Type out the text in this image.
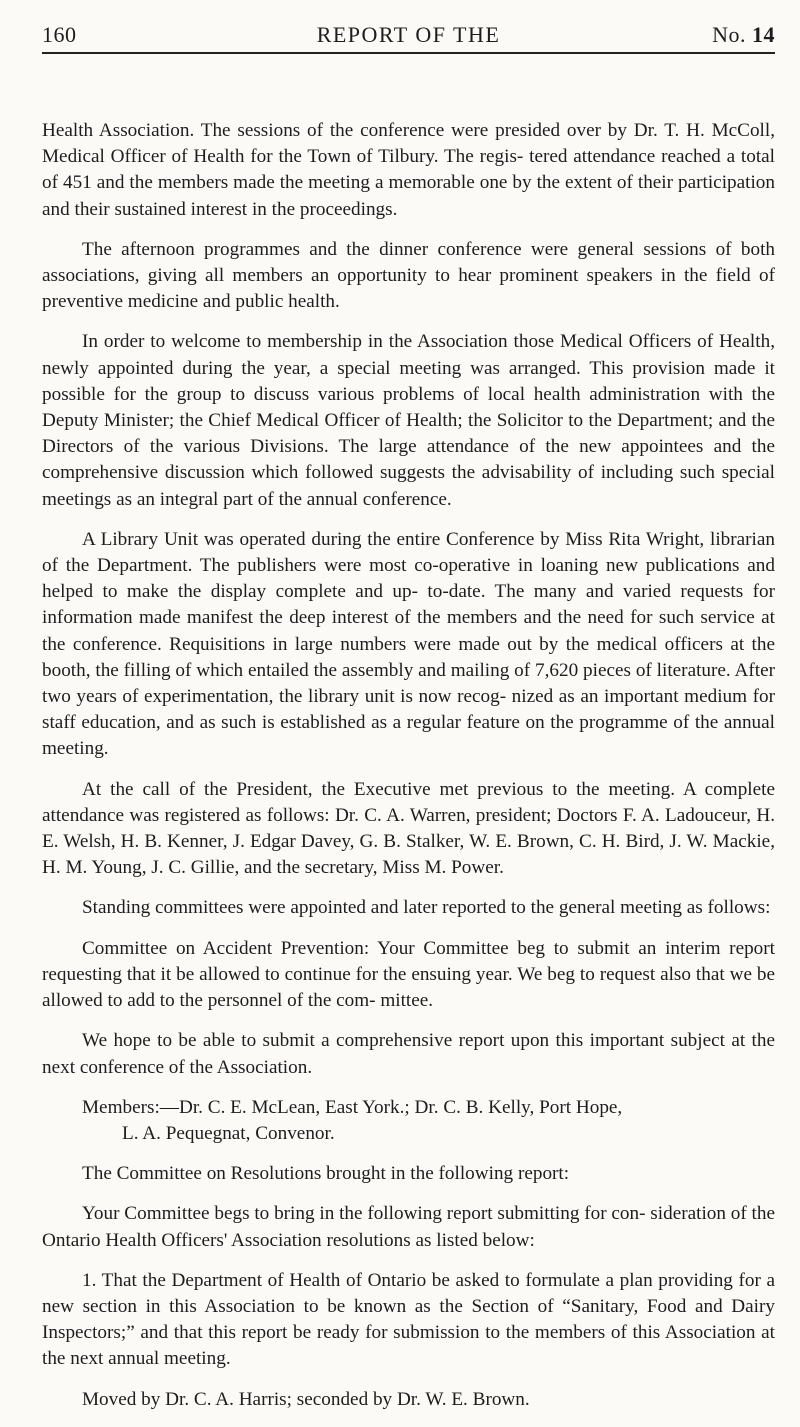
160	REPORT OF THE	No. 14

Health Association. The sessions of the conference were presided over by Dr. T. H. McColl, Medical Officer of Health for the Town of Tilbury. The regis- tered attendance reached a total of 451 and the members made the meeting a memorable one by the extent of their participation and their sustained interest in the proceedings.

The afternoon programmes and the dinner conference were general sessions of both associations, giving all members an opportunity to hear prominent speakers in the field of preventive medicine and public health.

In order to welcome to membership in the Association those Medical Officers of Health, newly appointed during the year, a special meeting was arranged. This provision made it possible for the group to discuss various problems of local health administration with the Deputy Minister; the Chief Medical Officer of Health; the Solicitor to the Department; and the Directors of the various Divisions. The large attendance of the new appointees and the comprehensive discussion which followed suggests the advisability of including such special meetings as an integral part of the annual conference.

A Library Unit was operated during the entire Conference by Miss Rita Wright, librarian of the Department. The publishers were most co-operative in loaning new publications and helped to make the display complete and up- to-date. The many and varied requests for information made manifest the deep interest of the members and the need for such service at the conference. Requisitions in large numbers were made out by the medical officers at the booth, the filling of which entailed the assembly and mailing of 7,620 pieces of literature. After two years of experimentation, the library unit is now recog- nized as an important medium for staff education, and as such is established as a regular feature on the programme of the annual meeting.

At the call of the President, the Executive met previous to the meeting. A complete attendance was registered as follows: Dr. C. A. Warren, president; Doctors F. A. Ladouceur, H. E. Welsh, H. B. Kenner, J. Edgar Davey, G. B. Stalker, W. E. Brown, C. H. Bird, J. W. Mackie, H. M. Young, J. C. Gillie, and the secretary, Miss M. Power.

Standing committees were appointed and later reported to the general meeting as follows:

Committee on Accident Prevention: Your Committee beg to submit an interim report requesting that it be allowed to continue for the ensuing year. We beg to request also that we be allowed to add to the personnel of the com- mittee.

We hope to be able to submit a comprehensive report upon this important subject at the next conference of the Association.

Members:—Dr. C. E. McLean, East York.; Dr. C. B. Kelly, Port Hope,
L. A. Pequegnat, Convenor.

The Committee on Resolutions brought in the following report:

Your Committee begs to bring in the following report submitting for con- sideration of the Ontario Health Officers' Association resolutions as listed below:

1. That the Department of Health of Ontario be asked to formulate a plan providing for a new section in this Association to be known as the Section of “Sanitary, Food and Dairy Inspectors;” and that this report be ready for submission to the members of this Association at the next annual meeting.

Moved by Dr. C. A. Harris; seconded by Dr. W. E. Brown.
